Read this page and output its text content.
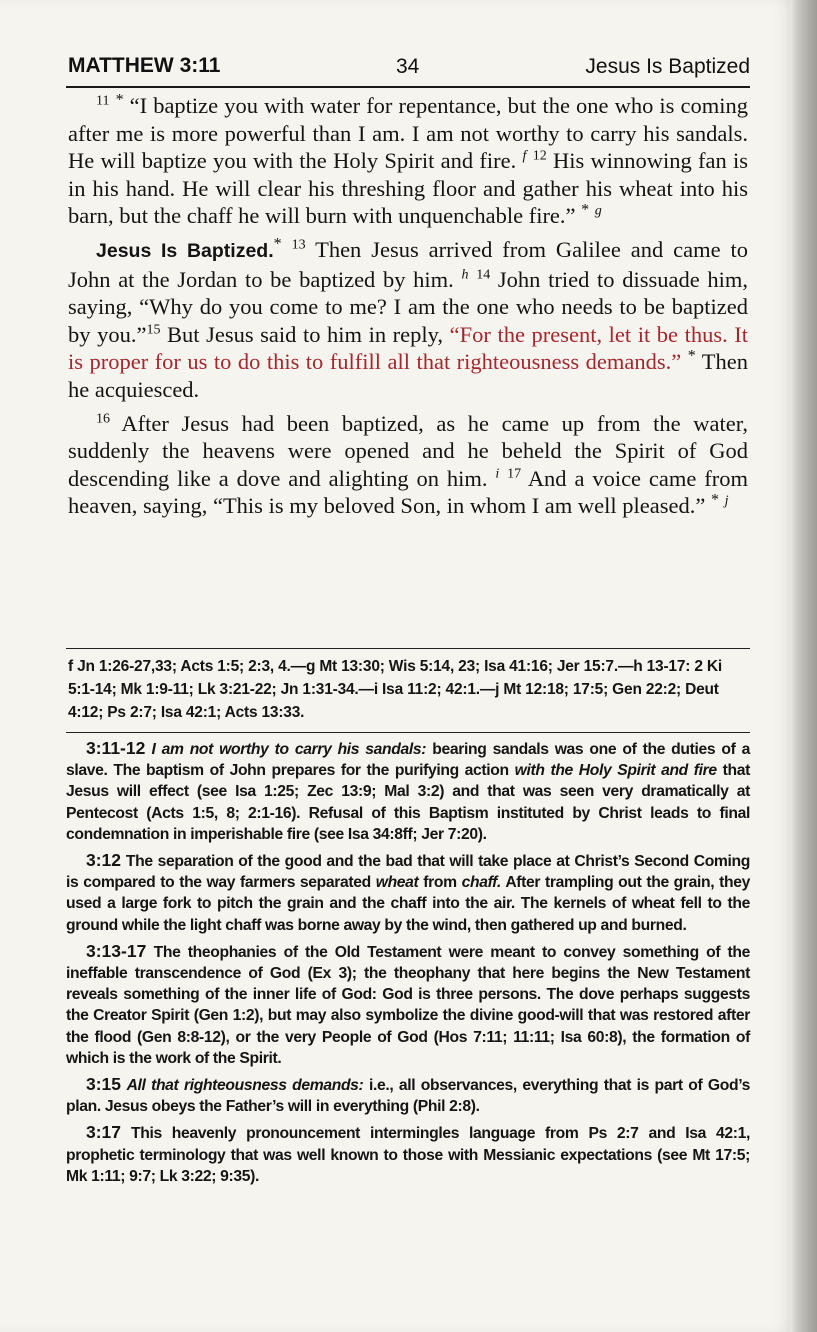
MATTHEW 3:11	34	Jesus Is Baptized

$^{11}$ * “I baptize you with water for repentance, but the one who is coming after me is more powerful than I am. I am not worthy to carry his sandals. He will baptize you with the Holy Spirit and fire. $^f$ $^{12}$ His winnowing fan is in his hand. He will clear his threshing floor and gather his wheat into his barn, but the chaff he will burn with unquenchable fire.” * $^g$

Jesus Is Baptized.* $^{13}$ Then Jesus arrived from Galilee and came to John at the Jordan to be baptized by him. $^h$ $^{14}$ John tried to dissuade him, saying, “Why do you come to me? I am the one who needs to be baptized by you.”$^{15}$ But Jesus said to him in reply, “For the present, let it be thus. It is proper for us to do this to fulfill all that righteousness demands.” * Then he acquiesced.

$^{16}$ After Jesus had been baptized, as he came up from the water, suddenly the heavens were opened and he beheld the Spirit of God descending like a dove and alighting on him. $^i$ $^{17}$ And a voice came from heaven, saying, “This is my beloved Son, in whom I am well pleased.” * $^j$

f Jn 1:26-27,33; Acts 1:5; 2:3, 4.—g Mt 13:30; Wis 5:14, 23; Isa 41:16; Jer 15:7.—h 13-17: 2 Ki 5:1-14; Mk 1:9-11; Lk 3:21-22; Jn 1:31-34.—i Isa 11:2; 42:1.—j Mt 12:18; 17:5; Gen 22:2; Deut 4:12; Ps 2:7; Isa 42:1; Acts 13:33.

3:11-12 I am not worthy to carry his sandals: bearing sandals was one of the duties of a slave. The baptism of John prepares for the purifying action with the Holy Spirit and fire that Jesus will effect (see Isa 1:25; Zec 13:9; Mal 3:2) and that was seen very dramatically at Pentecost (Acts 1:5, 8; 2:1-16). Refusal of this Baptism instituted by Christ leads to final condemnation in imperishable fire (see Isa 34:8ff; Jer 7:20).

3:12 The separation of the good and the bad that will take place at Christ’s Second Coming is compared to the way farmers separated wheat from chaff. After trampling out the grain, they used a large fork to pitch the grain and the chaff into the air. The kernels of wheat fell to the ground while the light chaff was borne away by the wind, then gathered up and burned.

3:13-17 The theophanies of the Old Testament were meant to convey something of the ineffable transcendence of God (Ex 3); the theophany that here begins the New Testament reveals something of the inner life of God: God is three persons. The dove perhaps suggests the Creator Spirit (Gen 1:2), but may also symbolize the divine good-will that was restored after the flood (Gen 8:8-12), or the very People of God (Hos 7:11; 11:11; Isa 60:8), the formation of which is the work of the Spirit.

3:15 All that righteousness demands: i.e., all observances, everything that is part of God’s plan. Jesus obeys the Father’s will in everything (Phil 2:8).

3:17 This heavenly pronouncement intermingles language from Ps 2:7 and Isa 42:1, prophetic terminology that was well known to those with Messianic expectations (see Mt 17:5; Mk 1:11; 9:7; Lk 3:22; 9:35).
